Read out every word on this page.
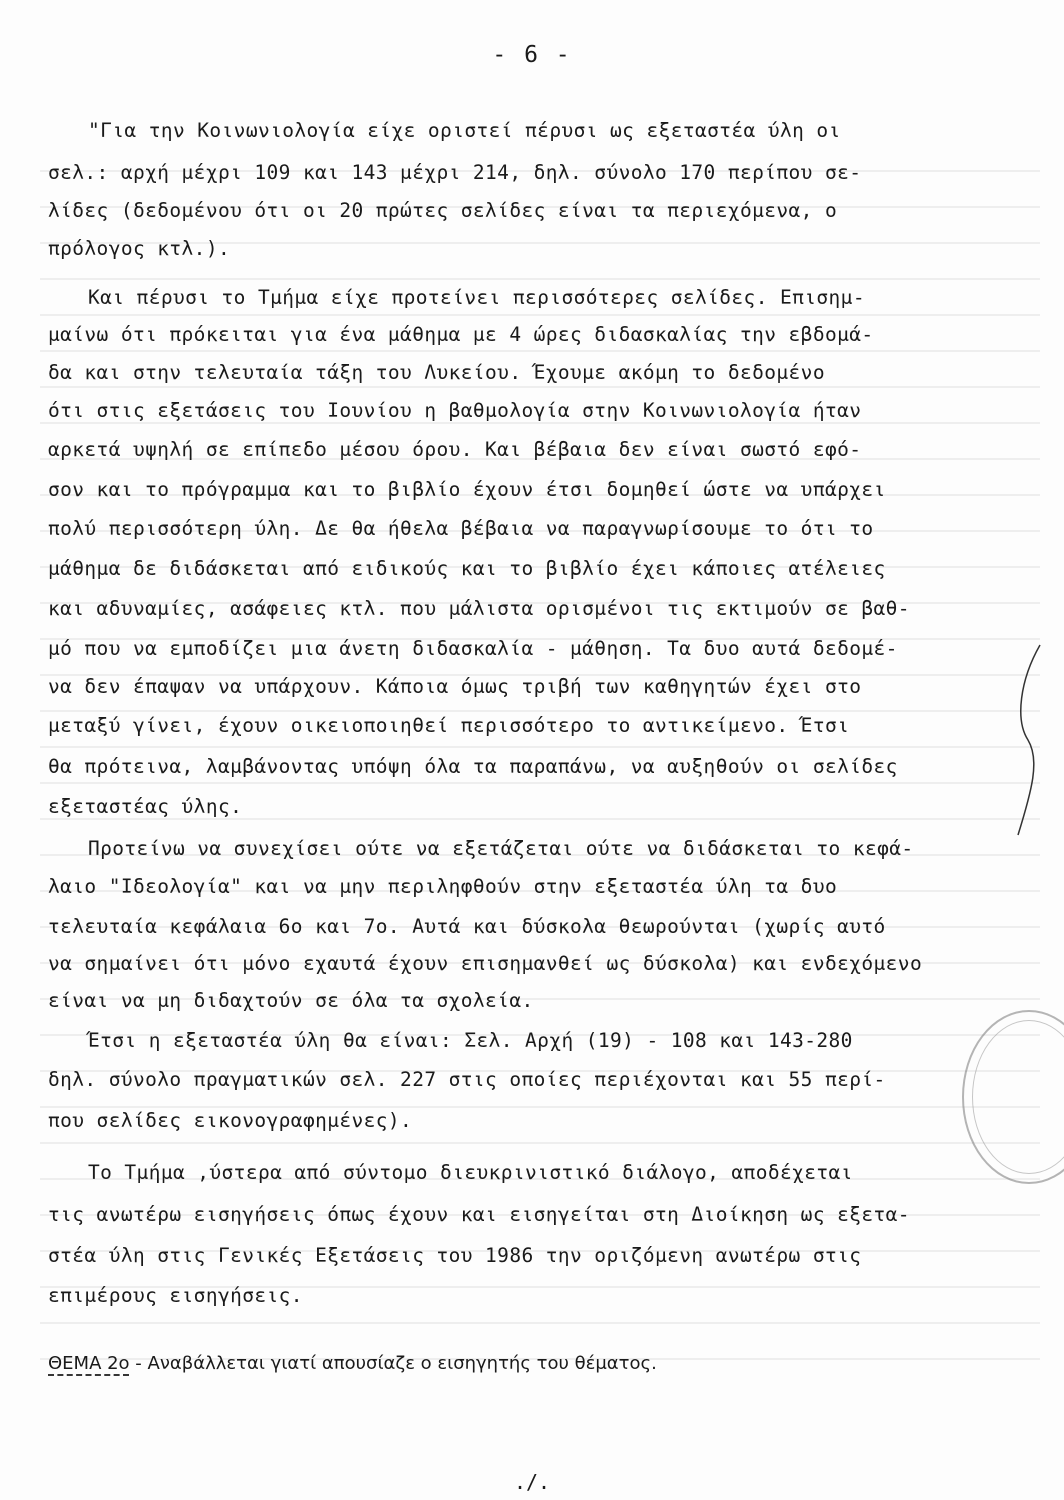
- 6 -
"Για την Κοινωνιολογία είχε οριστεί πέρυσι ως εξεταστέα ύλη οι
σελ.: αρχή μέχρι 109 και 143 μέχρι 214, δηλ. σύνολο 170 περίπου σε-
λίδες (δεδομένου ότι οι 20 πρώτες σελίδες είναι τα περιεχόμενα, ο
πρόλογος κτλ.).
Και πέρυσι το Τμήμα είχε προτείνει περισσότερες σελίδες. Επισημ-
μαίνω ότι πρόκειται για ένα μάθημα με 4 ώρες διδασκαλίας την εβδομά-
δα και στην τελευταία τάξη του Λυκείου. Έχουμε ακόμη το δεδομένο
ότι στις εξετάσεις του Ιουνίου η βαθμολογία στην Κοινωνιολογία ήταν
αρκετά υψηλή σε επίπεδο μέσου όρου. Και βέβαια δεν είναι σωστό εφό-
σον και το πρόγραμμα και το βιβλίο έχουν έτσι δομηθεί ώστε να υπάρχει
πολύ περισσότερη ύλη. Δε θα ήθελα βέβαια να παραγνωρίσουμε το ότι το
μάθημα δε διδάσκεται από ειδικούς και το βιβλίο έχει κάποιες ατέλειες
και αδυναμίες, ασάφειες κτλ. που μάλιστα ορισμένοι τις εκτιμούν σε βαθ-
μό που να εμποδίζει μια άνετη διδασκαλία - μάθηση. Τα δυο αυτά δεδομέ-
να δεν έπαψαν να υπάρχουν. Κάποια όμως τριβή των καθηγητών έχει στο
μεταξύ γίνει, έχουν οικειοποιηθεί περισσότερο το αντικείμενο. Έτσι
θα πρότεινα, λαμβάνοντας υπόψη όλα τα παραπάνω, να αυξηθούν οι σελίδες
εξεταστέας ύλης.
Προτείνω να συνεχίσει ούτε να εξετάζεται ούτε να διδάσκεται το κεφά-
λαιο "Ιδεολογία" και να μην περιληφθούν στην εξεταστέα ύλη τα δυο
τελευταία κεφάλαια 6ο και 7ο. Αυτά και δύσκολα θεωρούνται (χωρίς αυτό
να σημαίνει ότι μόνο εχαυτά έχουν επισημανθεί ως δύσκολα) και ενδεχόμενο
είναι να μη διδαχτούν σε όλα τα σχολεία.
Έτσι η εξεταστέα ύλη θα είναι: Σελ. Αρχή (19) - 108 και 143-280
δηλ. σύνολο πραγματικών σελ. 227 στις οποίες περιέχονται και 55 περί-
που σελίδες εικονογραφημένες).
Το Τμήμα ,ύστερα από σύντομο διευκρινιστικό διάλογο, αποδέχεται
τις ανωτέρω εισηγήσεις όπως έχουν και εισηγείται στη Διοίκηση ως εξετα-
στέα ύλη στις Γενικές Εξετάσεις του 1986 την οριζόμενη ανωτέρω στις
επιμέρους εισηγήσεις.
ΘΕΜΑ 2ο - Αναβάλλεται γιατί απουσίαζε ο εισηγητής του θέματος.
./.
